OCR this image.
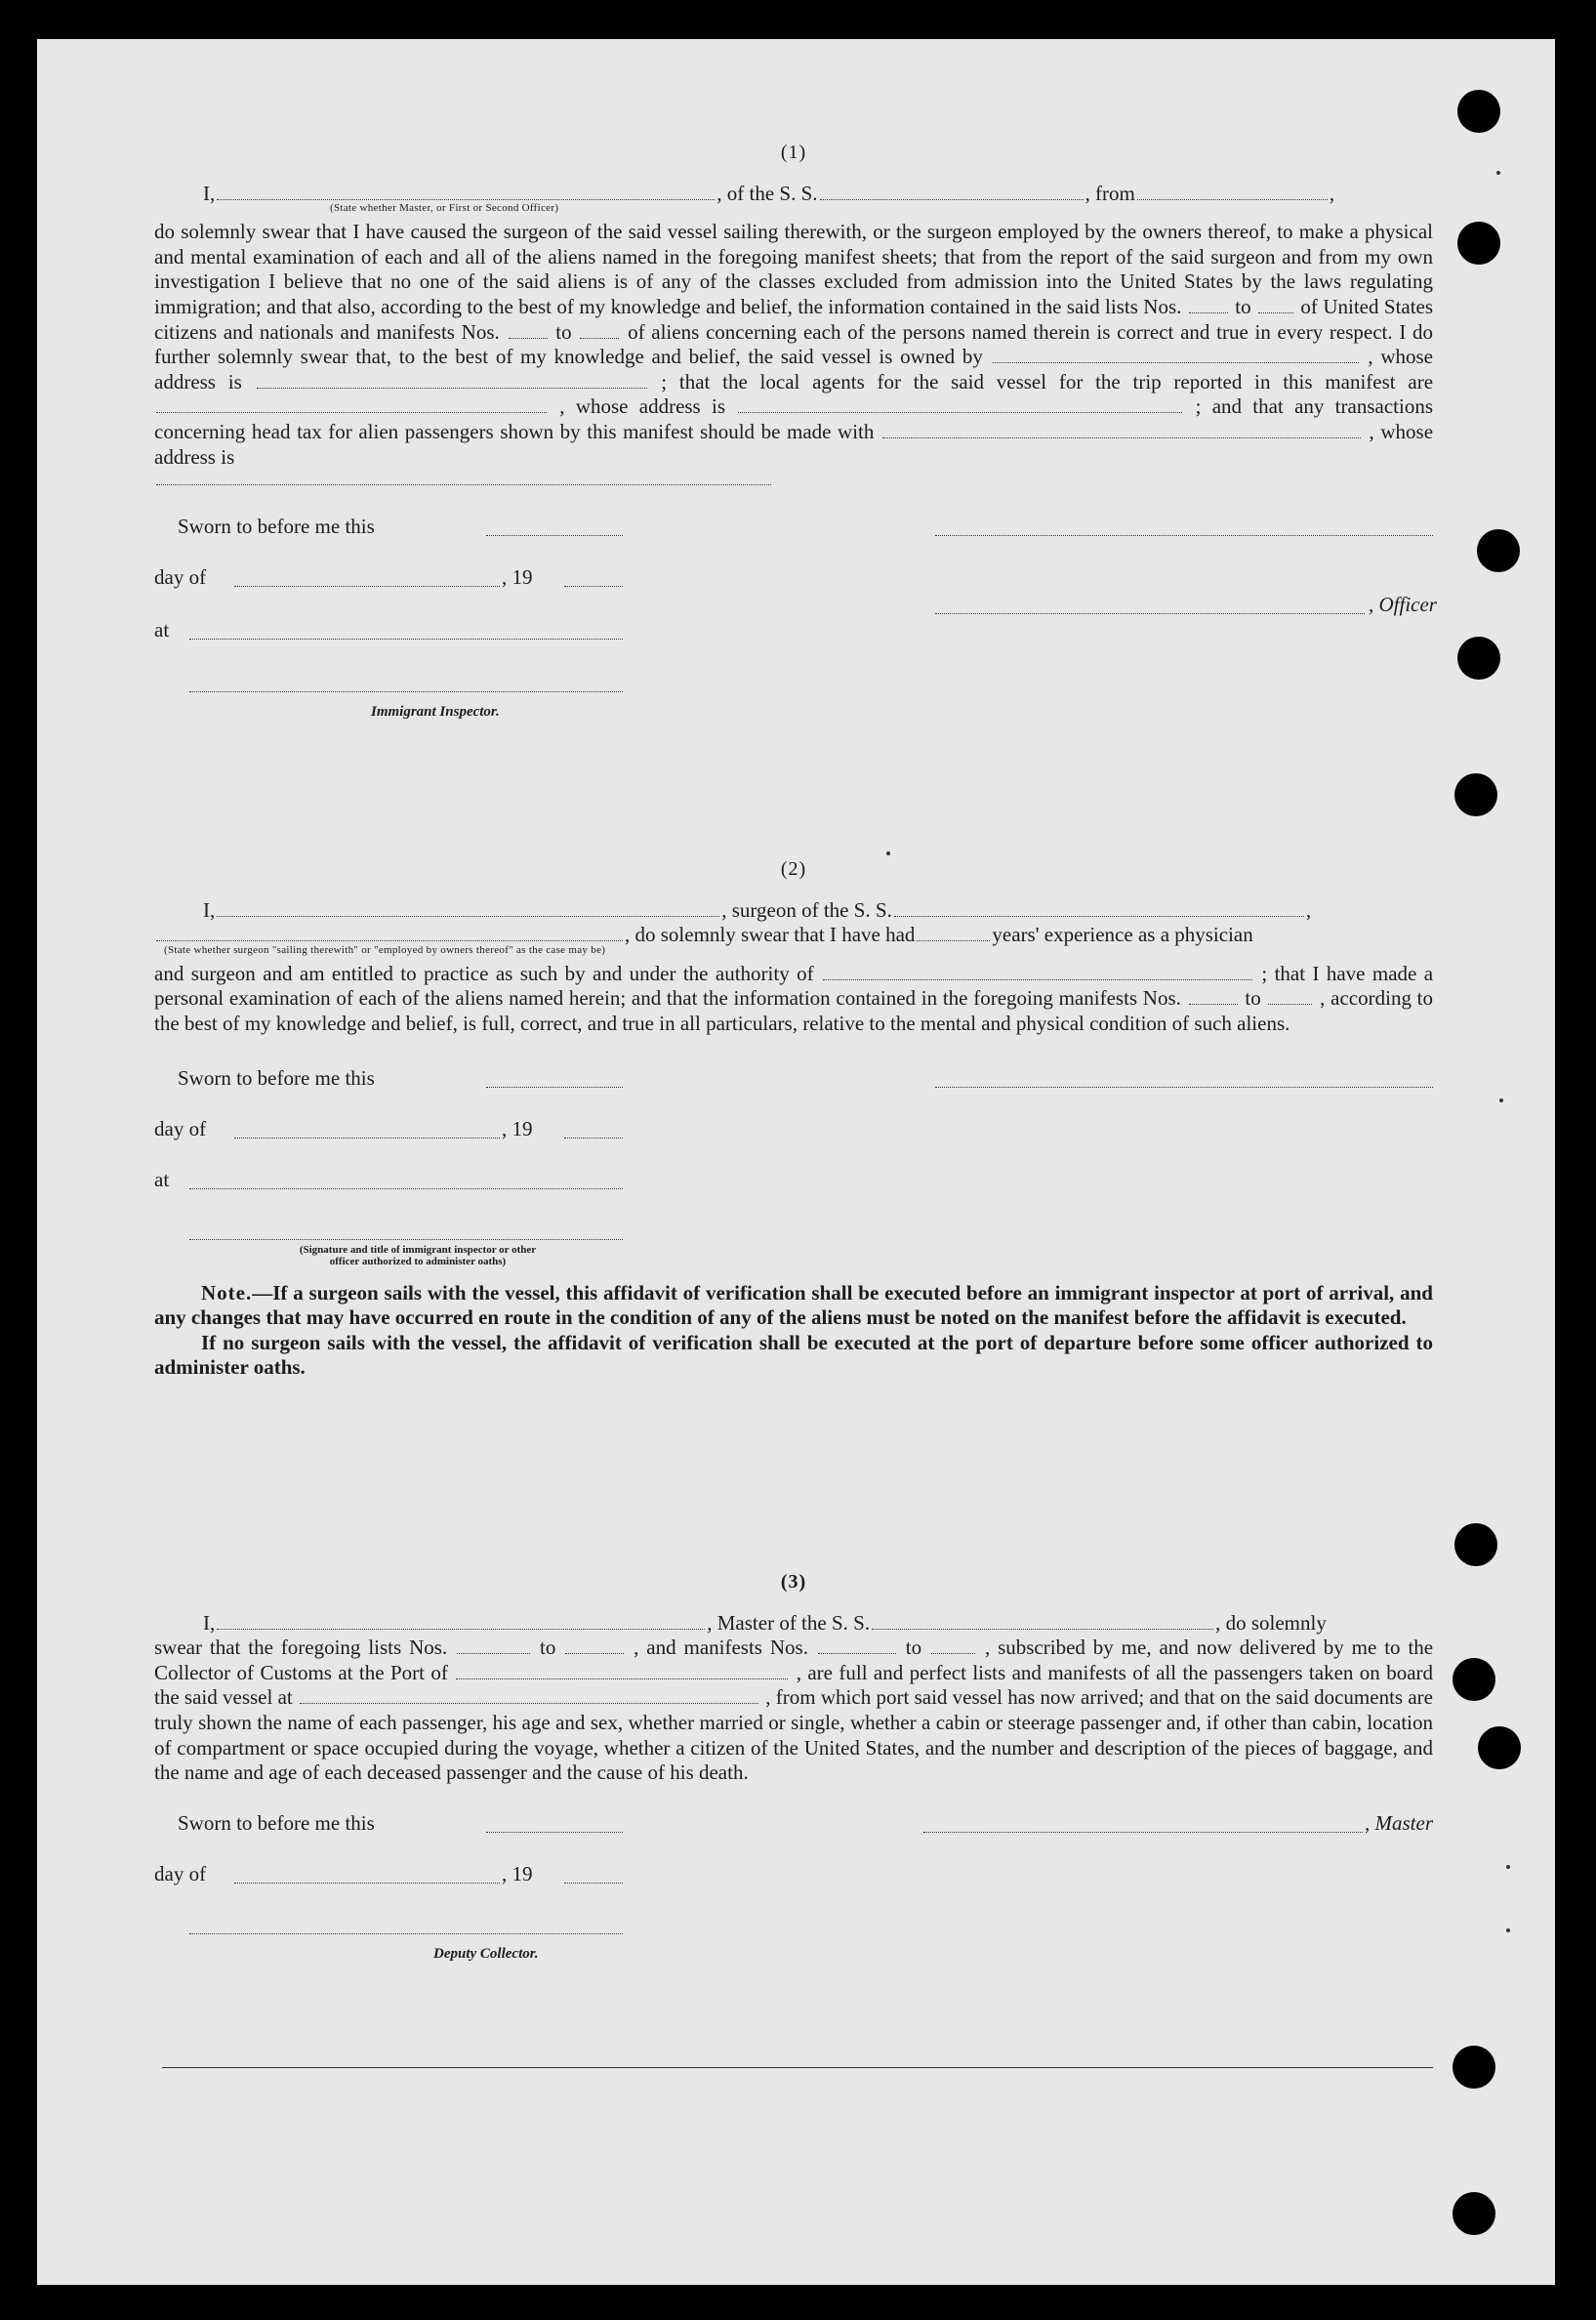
(1)
I,	, of the S. S.	, from	,
(State whether Master, or First or Second Officer)

do solemnly swear that I have caused the surgeon of the said vessel sailing therewith, or the surgeon employed by the owners thereof, to make a physical and mental examination of each and all of the aliens named in the foregoing manifest sheets; that from the report of the said surgeon and from my own investigation I believe that no one of the said aliens is of any of the classes excluded from admission into the United States by the laws regulating immigration; and that also, according to the best of my knowledge and belief, the information contained in the said lists Nos.	to of United States citizens and nationals and manifests Nos.	to	of aliens concerning each of the persons named therein is correct and true in every respect. I do further solemnly swear that, to the best of my knowledge and belief, the said vessel is owned by	, whose address is	; that the local agents for the said vessel for the trip reported in this manifest are  , whose address is	; and that any transactions concerning head tax for alien passengers shown by this manifest should be made with	, whose address is

Sworn to before me this
day of	, 19
, Officer
at
Immigrant Inspector.
(2)
I,	, surgeon of the S. S.	,
, do solemnly swear that I have had	years' experience as a physician
(State whether surgeon "sailing therewith" or "employed by owners thereof" as the case may be)

and surgeon and am entitled to practice as such by and under the authority of	; that I have made a personal examination of each of the aliens named herein; and that the information contained in the foregoing manifests Nos.	to	, according to the best of my knowledge and belief, is full, correct, and true in all particulars, relative to the mental and physical condition of such aliens.

Sworn to before me this
day of	, 19
at
(Signature and title of immigrant inspector or other officer authorized to administer oaths)

Note.—If a surgeon sails with the vessel, this affidavit of verification shall be executed before an immigrant inspector at port of arrival, and any changes that may have occurred en route in the condition of any of the aliens must be noted on the manifest before the affidavit is executed.

If no surgeon sails with the vessel, the affidavit of verification shall be executed at the port of departure before some officer authorized to administer oaths.

(3)
I,	, Master of the S. S.	, do solemnly

swear that the foregoing lists Nos.	to	, and manifests Nos.	to	, subscribed by me, and now delivered by me to the Collector of Customs at the Port of	, are full and perfect lists and manifests of all the passengers taken on board the said vessel at	, from which port said vessel has now arrived; and that on the said documents are truly shown the name of each passenger, his age and sex, whether married or single, whether a cabin or steerage passenger and, if other than cabin, location of compartment or space occupied during the voyage, whether a citizen of the United States, and the number and description of the pieces of baggage, and the name and age of each deceased passenger and the cause of his death.

Sworn to before me this	, Master
day of	, 19
Deputy Collector.
